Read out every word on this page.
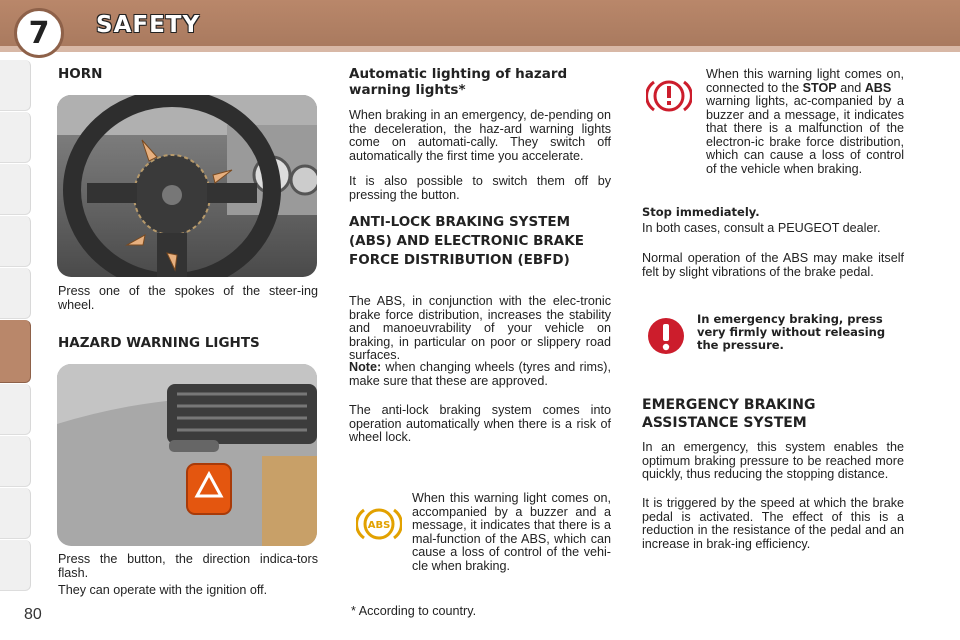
7	SAFETY
80
HORN
Press one of the spokes of the steer-ing wheel.
HAZARD WARNING LIGHTS
Press the button, the direction indica-tors flash.
They can operate with the ignition off.
Automatic lighting of hazard warning lights*
When braking in an emergency, de-pending on the deceleration, the haz-ard warning lights come on automati-cally. They switch off automatically the first time you accelerate.
It is also possible to switch them off by pressing the button.
ANTI-LOCK BRAKING SYSTEM (ABS) AND ELECTRONIC BRAKE FORCE DISTRIBUTION (EBFD)
The ABS, in conjunction with the elec-tronic brake force distribution, increases the stability and manoeuvrability of your vehicle on braking, in particular on poor or slippery road surfaces.
Note: when changing wheels (tyres and rims), make sure that these are approved.
The anti-lock braking system comes into operation automatically when there is a risk of wheel lock.
ABS
When this warning light comes on, accompanied by a buzzer and a message, it indicates that there is a mal-function of the ABS, which can cause a loss of control of the vehi-cle when braking.
* According to country.
When this warning light comes on, connected to the STOP and ABS
warning lights, ac-companied by a buzzer and a message, it indicates that there is a malfunction of the electron-ic brake force distribution, which can cause a loss of control of the vehicle when braking.
Stop immediately.
In both cases, consult a PEUGEOT dealer.
Normal operation of the ABS may make itself felt by slight vibrations of the brake pedal.
In emergency braking, press very firmly without releasing the pressure.
EMERGENCY BRAKING
ASSISTANCE SYSTEM
In an emergency, this system enables the optimum braking pressure to be reached more quickly, thus reducing the stopping distance.
It is triggered by the speed at which the brake pedal is activated. The effect of this is a reduction in the resistance of the pedal and an increase in brak-ing efficiency.
